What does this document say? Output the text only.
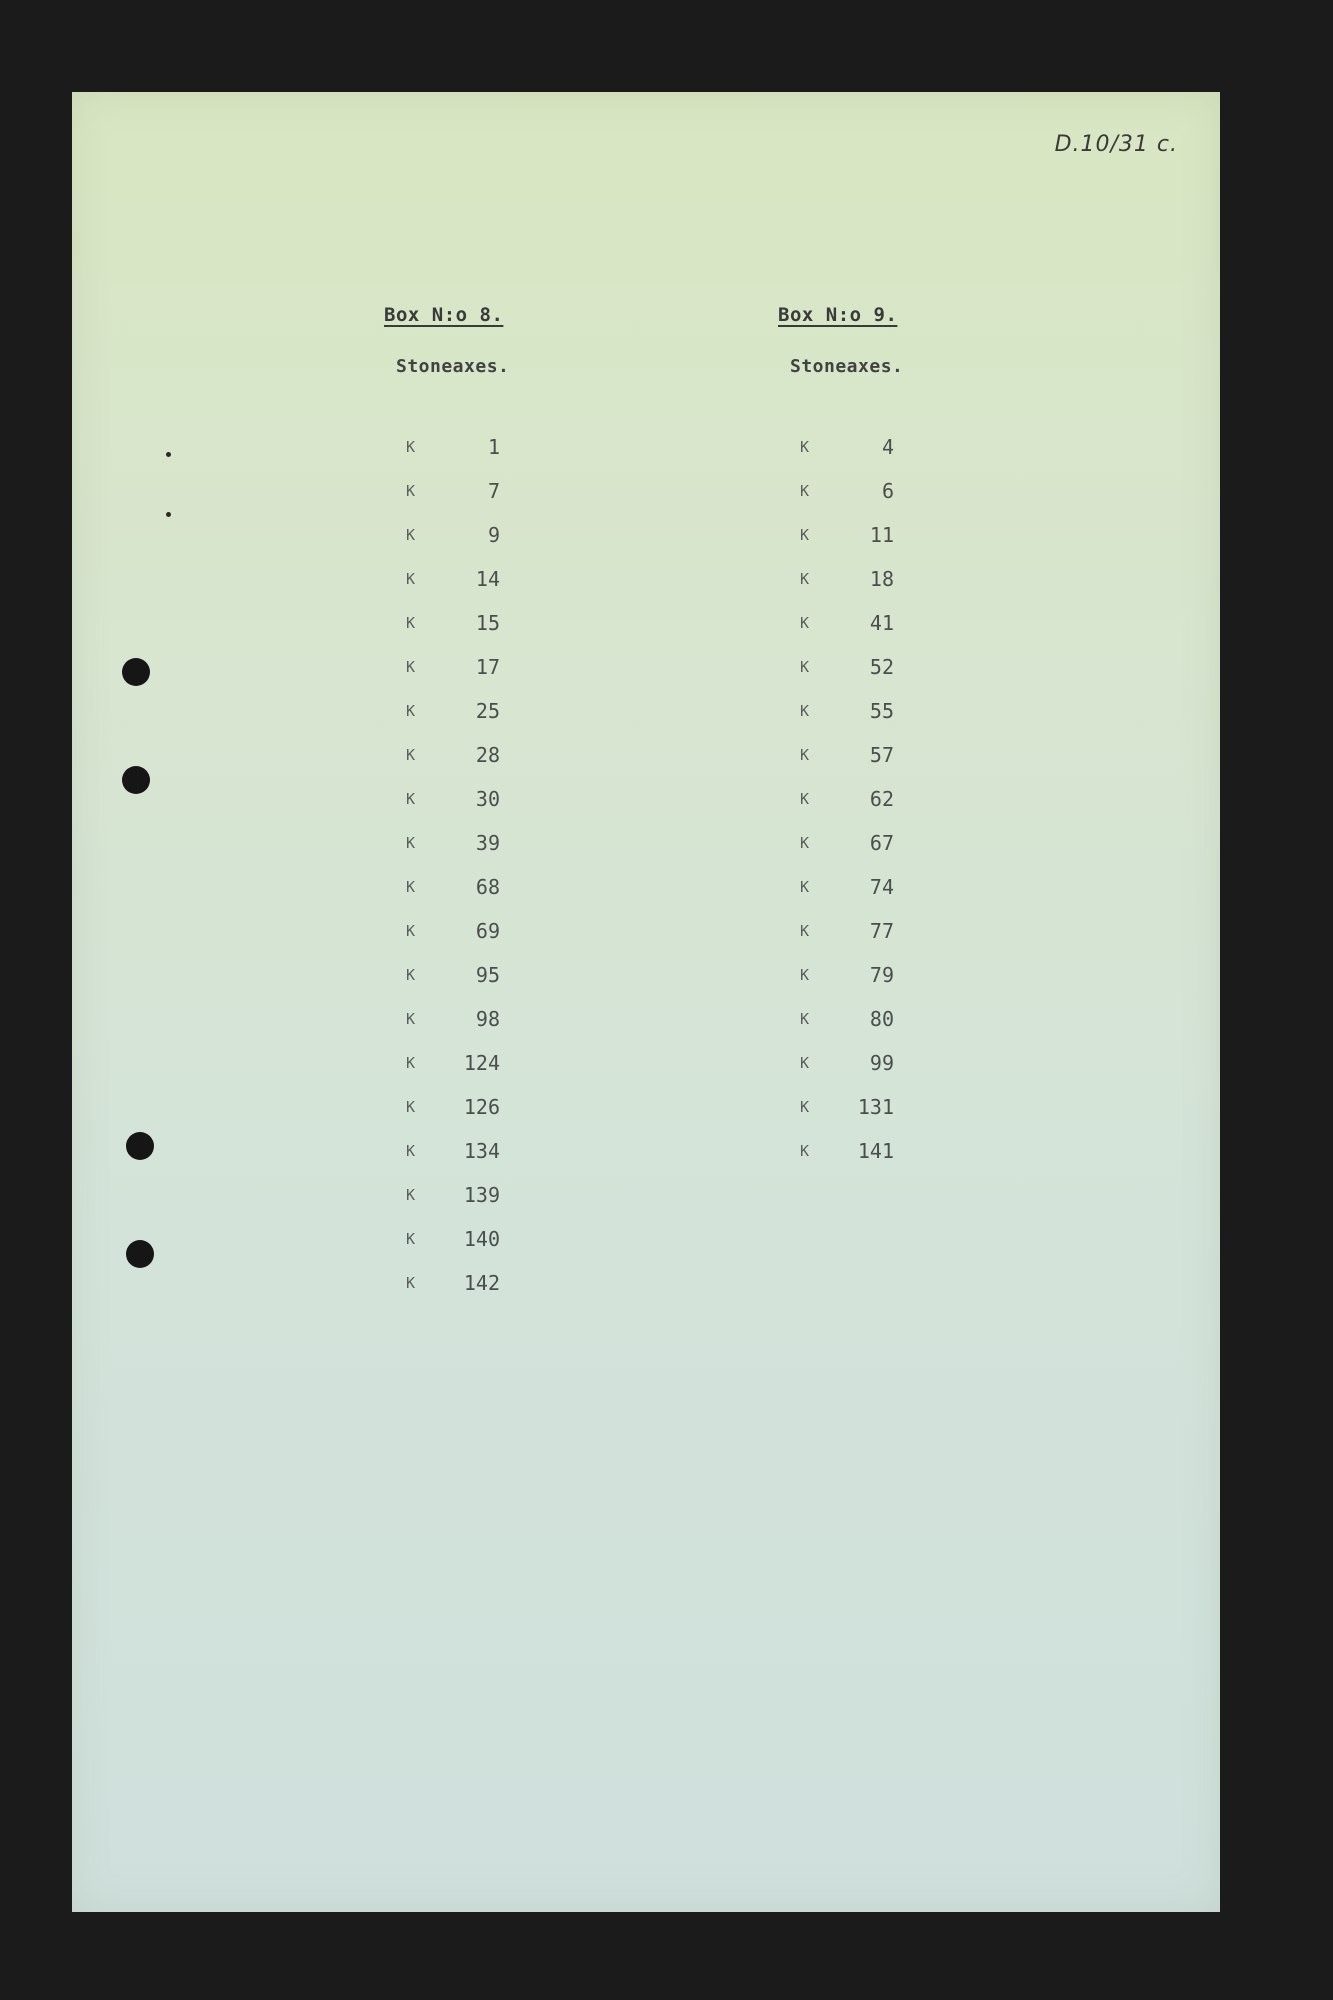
D.10/31 c.
Box N:o 8.
Stoneaxes.
K	1
K	7
K	9
K	14
K	15
K	17
K	25
K	28
K	30
K	39
K	68
K	69
K	95
K	98
K	124
K	126
K	134
K	139
K	140
K	142
Box N:o 9.
Stoneaxes.
K	4
K	6
K	11
K	18
K	41
K	52
K	55
K	57
K	62
K	67
K	74
K	77
K	79
K	80
K	99
K	131
K	141
